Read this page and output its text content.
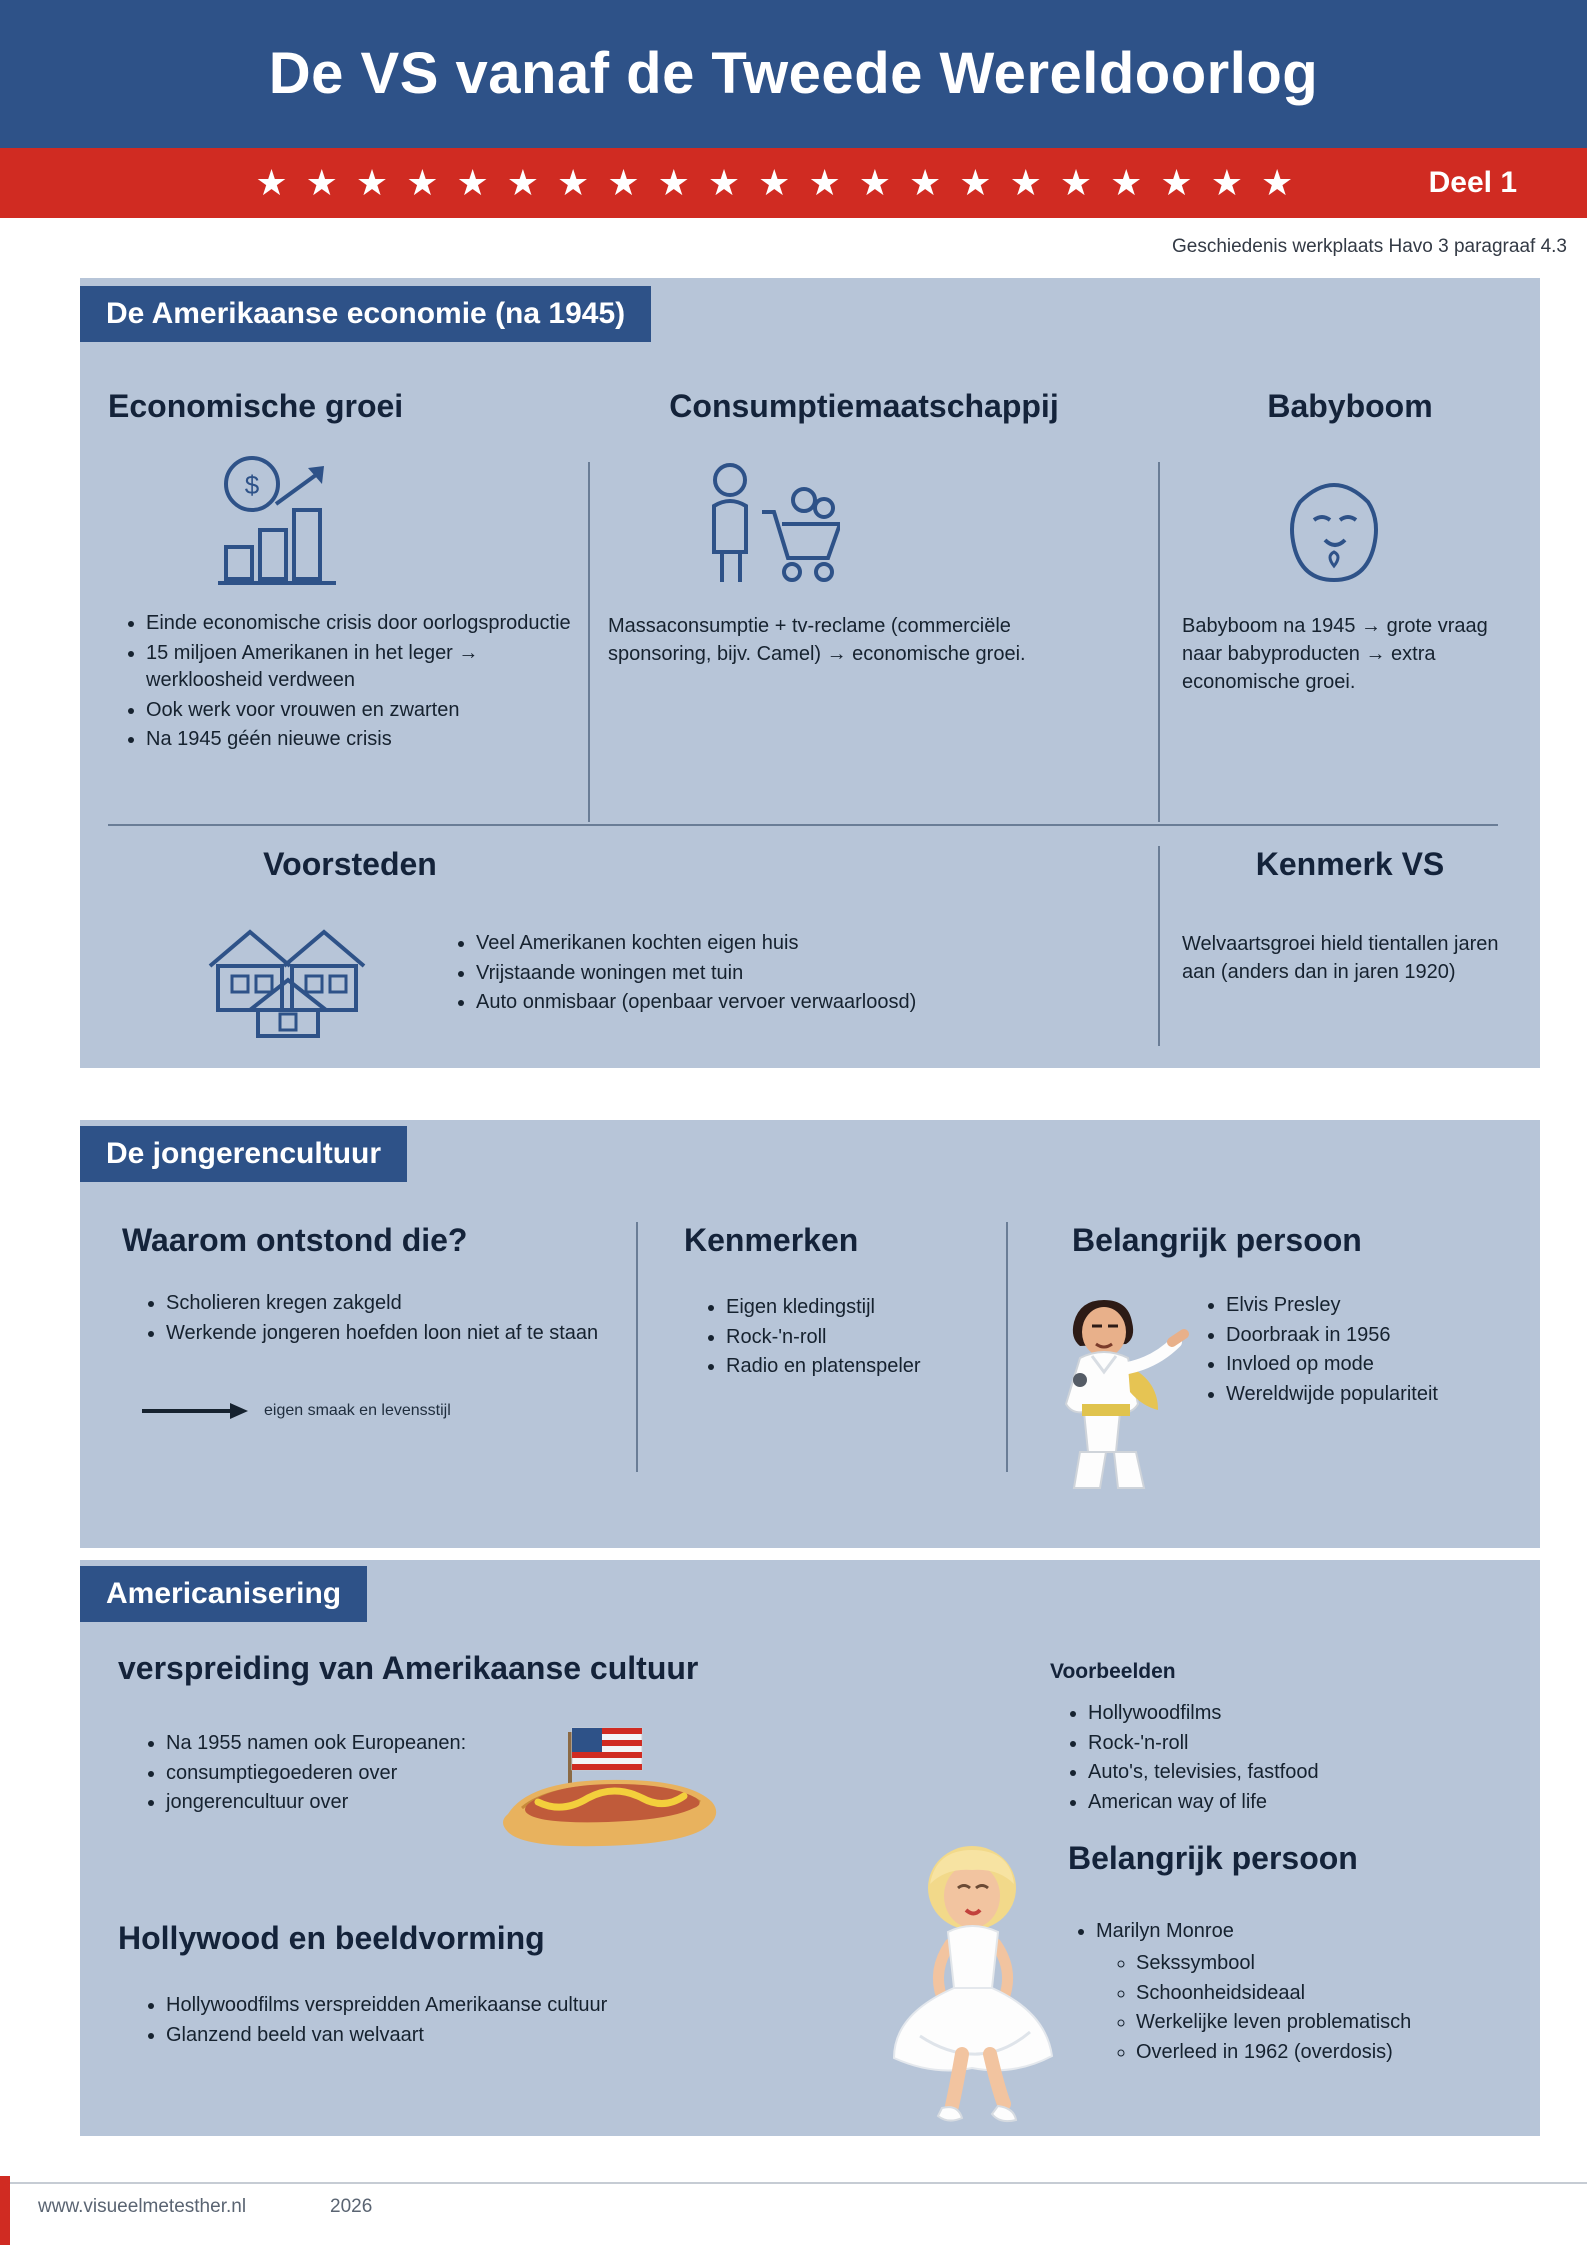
De VS vanaf de Tweede Wereldoorlog
★ ★ ★ ★ ★ ★ ★ ★ ★ ★ ★ ★ ★ ★ ★ ★ ★ ★ ★ ★ ★	Deel 1
Geschiedenis werkplaats Havo 3 paragraaf 4.3
De Amerikaanse economie (na 1945)
Economische groei
$
• Einde economische crisis door oorlogsproductie
• 15 miljoen Amerikanen in het leger → werkloosheid verdween
• Ook werk voor vrouwen en zwarten
• Na 1945 géén nieuwe crisis
Consumptiemaatschappij

Massaconsumptie + tv-reclame (commerciële sponsoring, bijv. Camel) → economische groei.

Babyboom

Babyboom na 1945 → grote vraag naar babyproducten → extra economische groei.

Voorsteden
• Veel Amerikanen kochten eigen huis
• Vrijstaande woningen met tuin
• Auto onmisbaar (openbaar vervoer verwaarloosd)
Kenmerk VS

Welvaartsgroei hield tientallen jaren aan (anders dan in jaren 1920)

De jongerencultuur
Waarom ontstond die?
• Scholieren kregen zakgeld
• Werkende jongeren hoefden loon niet af te staan
eigen smaak en levensstijl
Kenmerken
• Eigen kledingstijl
• Rock-'n-roll
• Radio en platenspeler
Belangrijk persoon
• Elvis Presley
• Doorbraak in 1956
• Invloed op mode
• Wereldwijde populariteit
Americanisering
verspreiding van Amerikaanse cultuur
• Na 1955 namen ook Europeanen:
• consumptiegoederen over
• jongerencultuur over
Hollywood en beeldvorming
• Hollywoodfilms verspreidden Amerikaanse cultuur
• Glanzend beeld van welvaart
Voorbeelden
• Hollywoodfilms
• Rock-'n-roll
• Auto's, televisies, fastfood
• American way of life
Belangrijk persoon
• Marilyn Monroe
◦ Sekssymbool
◦ Schoonheidsideaal
◦ Werkelijke leven problematisch
◦ Overleed in 1962 (overdosis)
www.visueelmetesther.nl	2026
